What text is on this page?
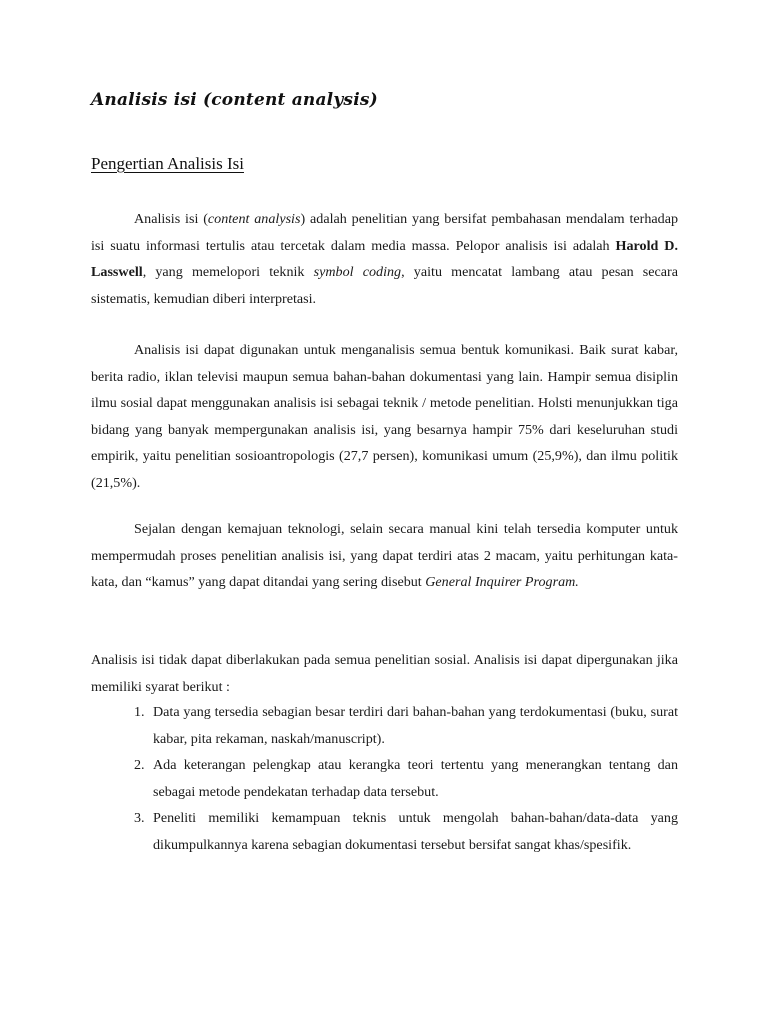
Analisis isi (content analysis)
Pengertian Analisis Isi

Analisis isi (content analysis) adalah penelitian yang bersifat pembahasan mendalam terhadap isi suatu informasi tertulis atau tercetak dalam media massa. Pelopor analisis isi adalah Harold D. Lasswell, yang memelopori teknik symbol coding, yaitu mencatat lambang atau pesan secara sistematis, kemudian diberi interpretasi.

Analisis isi dapat digunakan untuk menganalisis semua bentuk komunikasi. Baik surat kabar, berita radio, iklan televisi maupun semua bahan-bahan dokumentasi yang lain. Hampir semua disiplin ilmu sosial dapat menggunakan analisis isi sebagai teknik / metode penelitian. Holsti menunjukkan tiga bidang yang banyak mempergunakan analisis isi, yang besarnya hampir 75% dari keseluruhan studi empirik, yaitu penelitian sosioantropologis (27,7 persen), komunikasi umum (25,9%), dan ilmu politik (21,5%).

Sejalan dengan kemajuan teknologi, selain secara manual kini telah tersedia komputer untuk mempermudah proses penelitian analisis isi, yang dapat terdiri atas 2 macam, yaitu perhitungan kata-kata, dan “kamus” yang dapat ditandai yang sering disebut General Inquirer Program.

Analisis isi tidak dapat diberlakukan pada semua penelitian sosial. Analisis isi dapat dipergunakan jika memiliki syarat berikut :

1. Data yang tersedia sebagian besar terdiri dari bahan-bahan yang terdokumentasi (buku, surat kabar, pita rekaman, naskah/manuscript).
2. Ada keterangan pelengkap atau kerangka teori tertentu yang menerangkan tentang dan sebagai metode pendekatan terhadap data tersebut.
3. Peneliti memiliki kemampuan teknis untuk mengolah bahan-bahan/data-data yang dikumpulkannya karena sebagian dokumentasi tersebut bersifat sangat khas/spesifik.
